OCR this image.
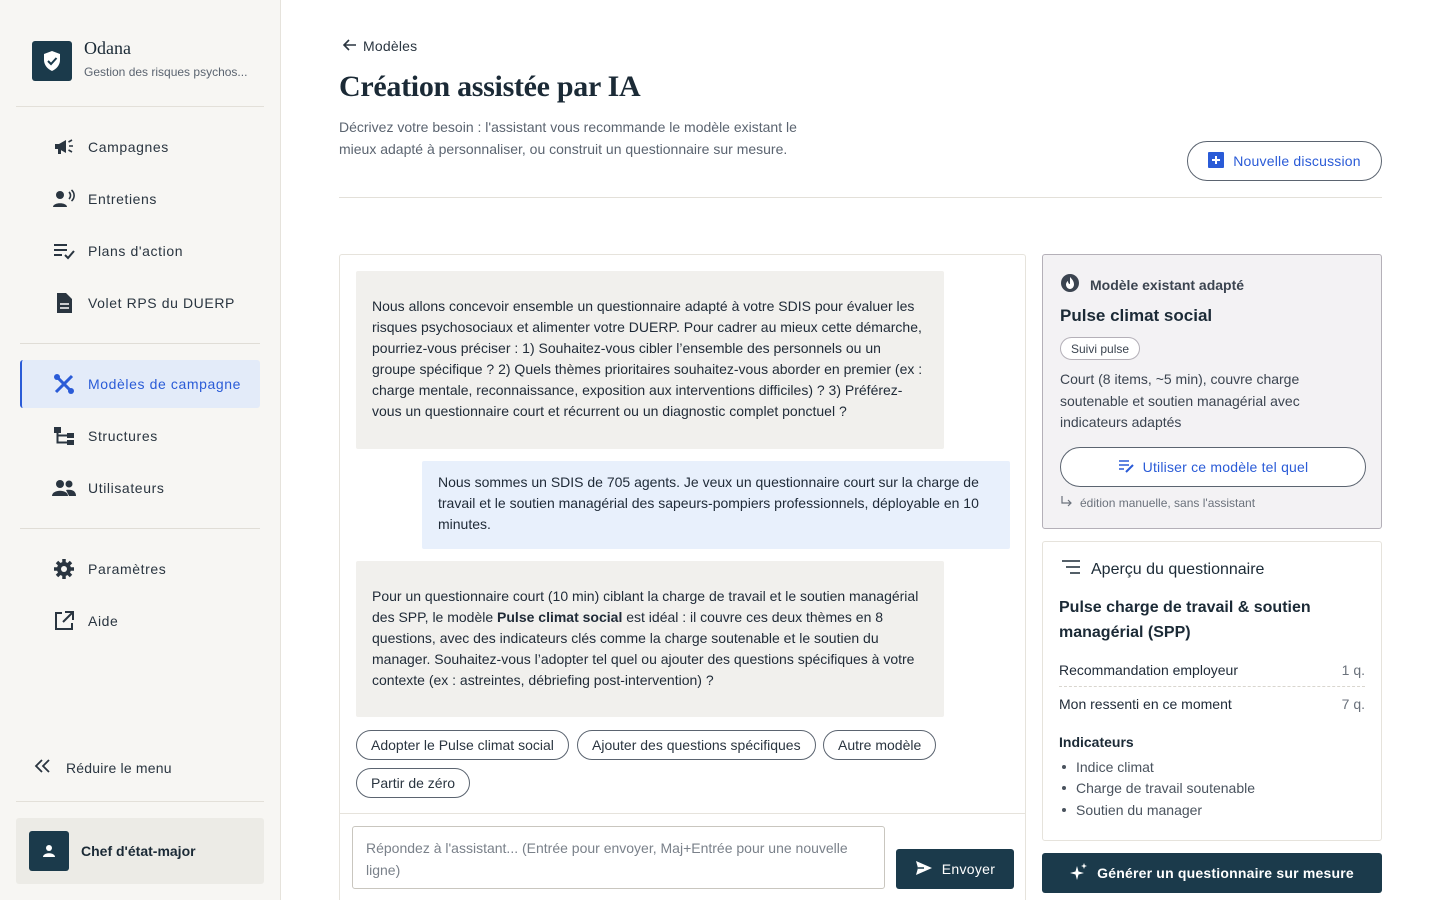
Odana
Gestion des risques psychos...
Campagnes
Entretiens
Plans d'action
Volet RPS du DUERP
Modèles de campagne
Structures
Utilisateurs
Paramètres
Aide
Réduire le menu
Chef d'état-major
Modèles
Création assistée par IA

Décrivez votre besoin : l'assistant vous recommande le modèle existant le mieux adapté à personnaliser, ou construit un questionnaire sur mesure.

Nouvelle discussion
Nous allons concevoir ensemble un questionnaire adapté à votre SDIS pour évaluer les risques psychosociaux et alimenter votre DUERP. Pour cadrer au mieux cette démarche, pourriez-vous préciser : 1) Souhaitez-vous cibler l’ensemble des personnels ou un groupe spécifique ? 2) Quels thèmes prioritaires souhaitez-vous aborder en premier (ex : charge mentale, reconnaissance, exposition aux interventions difficiles) ? 3) Préférez-vous un questionnaire court et récurrent ou un diagnostic complet ponctuel ?
Nous sommes un SDIS de 705 agents. Je veux un questionnaire court sur la charge de travail et le soutien managérial des sapeurs-pompiers professionnels, déployable en 10 minutes.
Pour un questionnaire court (10 min) ciblant la charge de travail et le soutien managérial des SPP, le modèle Pulse climat social est idéal : il couvre ces deux thèmes en 8 questions, avec des indicateurs clés comme la charge soutenable et le soutien du manager. Souhaitez-vous l’adopter tel quel ou ajouter des questions spécifiques à votre contexte (ex : astreintes, débriefing post-intervention) ?
Adopter le Pulse climat social	Ajouter des questions spécifiques	Autre modèle
Partir de zéro
Répondez à l'assistant... (Entrée pour envoyer, Maj+Entrée pour une nouvelle ligne)	Envoyer
Modèle existant adapté
Pulse climat social
Suivi pulse
Court (8 items, ~5 min), couvre charge soutenable et soutien managérial avec indicateurs adaptés
Utiliser ce modèle tel quel
édition manuelle, sans l'assistant
Aperçu du questionnaire
Pulse charge de travail & soutien managérial (SPP)
Recommandation employeur	1 q.
Mon ressenti en ce moment	7 q.
Indicateurs
Indice climat
Charge de travail soutenable
Soutien du manager
Générer un questionnaire sur mesure
